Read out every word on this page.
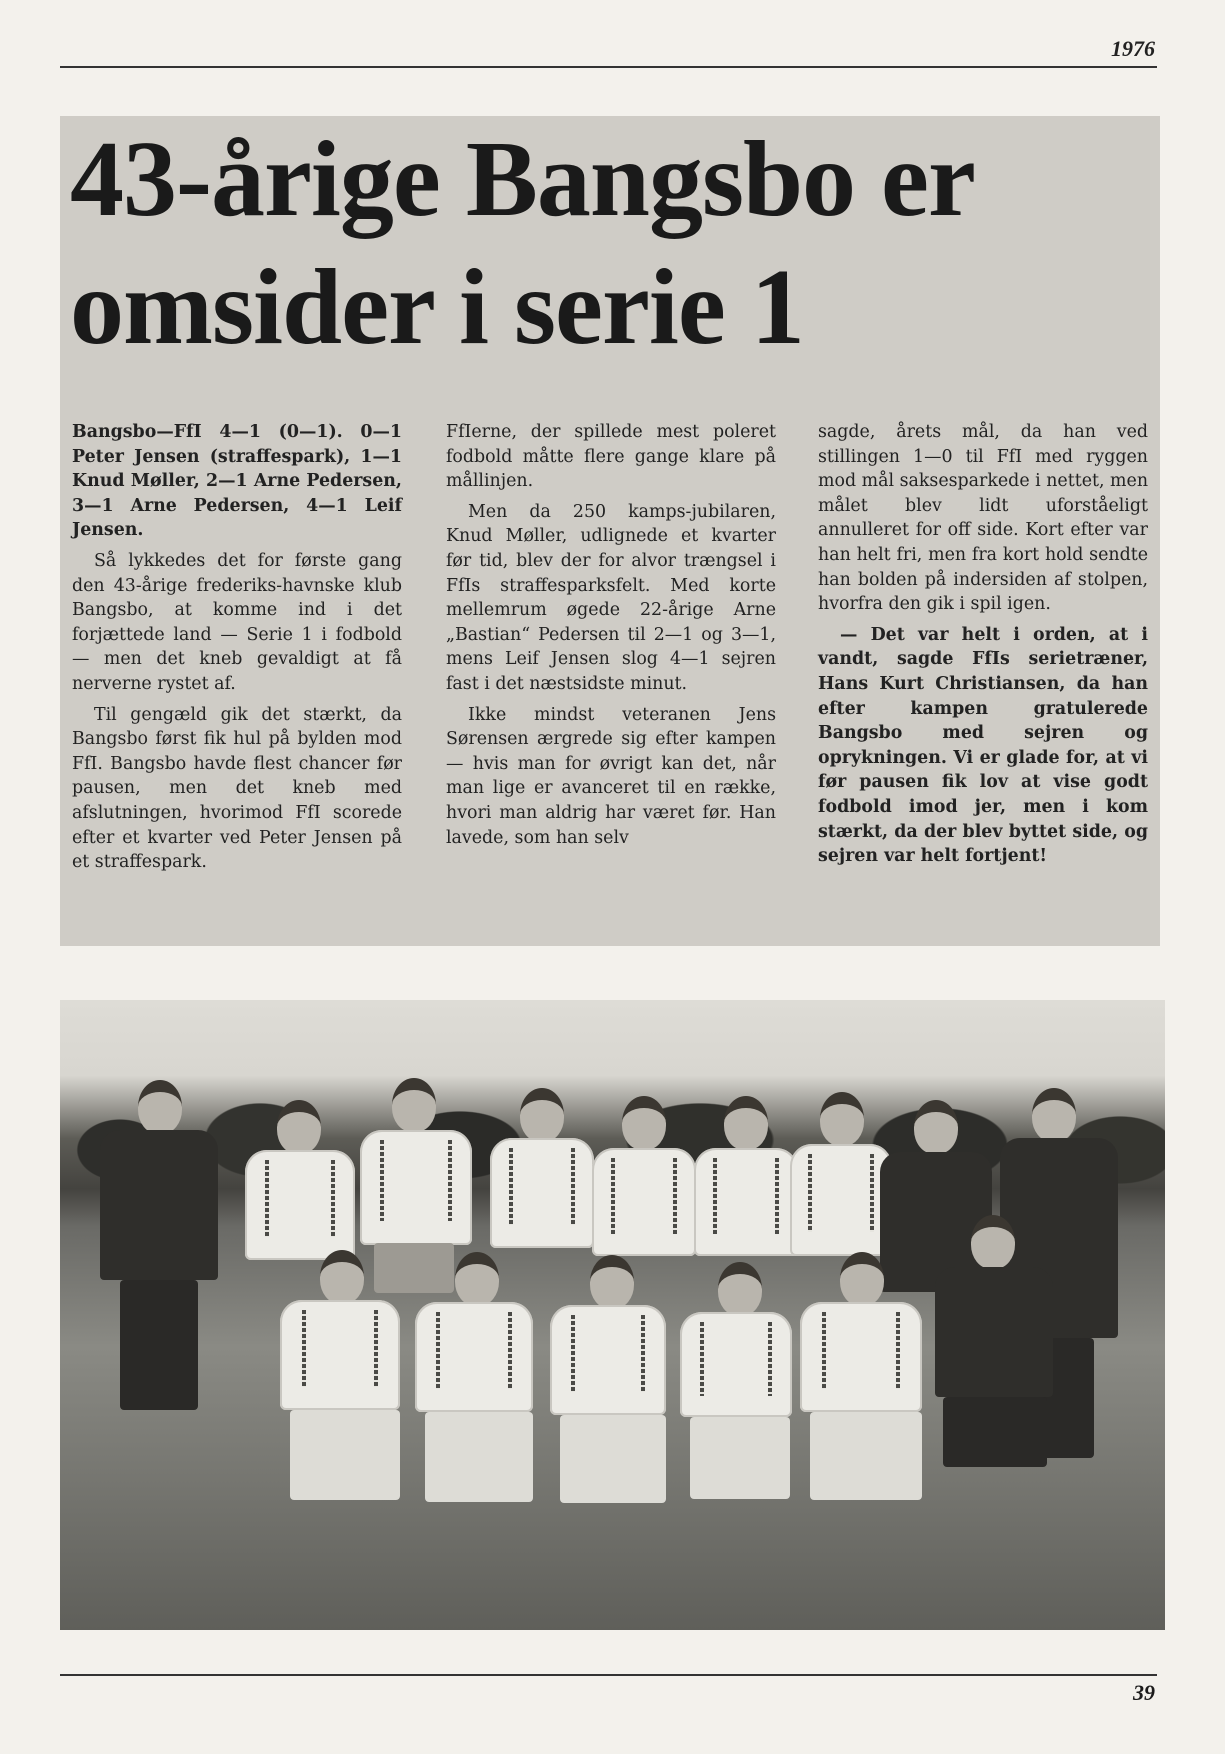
1976
43-årige Bangsbo er
omsider i serie 1

Bangsbo—FfI 4—1 (0—1). 0—1 Peter Jensen (straffespark), 1—1 Knud Møller, 2—1 Arne Pedersen, 3—1 Arne Pedersen, 4—1 Leif Jensen.

Så lykkedes det for første gang den 43-årige frederiks-havnske klub Bangsbo, at komme ind i det forjættede land — Serie 1 i fodbold — men det kneb gevaldigt at få nerverne rystet af.

Til gengæld gik det stærkt, da Bangsbo først fik hul på bylden mod FfI. Bangsbo havde flest chancer før pausen, men det kneb med afslutningen, hvorimod FfI scorede efter et kvarter ved Peter Jensen på et straffespark.

FfIerne, der spillede mest poleret fodbold måtte flere gange klare på mållinjen.

Men da 250 kamps-jubilaren, Knud Møller, udlignede et kvarter før tid, blev der for alvor trængsel i FfIs straffesparksfelt. Med korte mellemrum øgede 22-årige Arne „Bastian“ Pedersen til 2—1 og 3—1, mens Leif Jensen slog 4—1 sejren fast i det næstsidste minut.

Ikke mindst veteranen Jens Sørensen ærgrede sig efter kampen — hvis man for øvrigt kan det, når man lige er avanceret til en række, hvori man aldrig har været før. Han lavede, som han selv

sagde, årets mål, da han ved stillingen 1—0 til FfI med ryggen mod mål saksesparkede i nettet, men målet blev lidt uforståeligt annulleret for off side. Kort efter var han helt fri, men fra kort hold sendte han bolden på indersiden af stolpen, hvorfra den gik i spil igen.

— Det var helt i orden, at i vandt, sagde FfIs serietræner, Hans Kurt Christiansen, da han efter kampen gratulerede Bangsbo med sejren og oprykningen. Vi er glade for, at vi før pausen fik lov at vise godt fodbold imod jer, men i kom stærkt, da der blev byttet side, og sejren var helt fortjent!

39
